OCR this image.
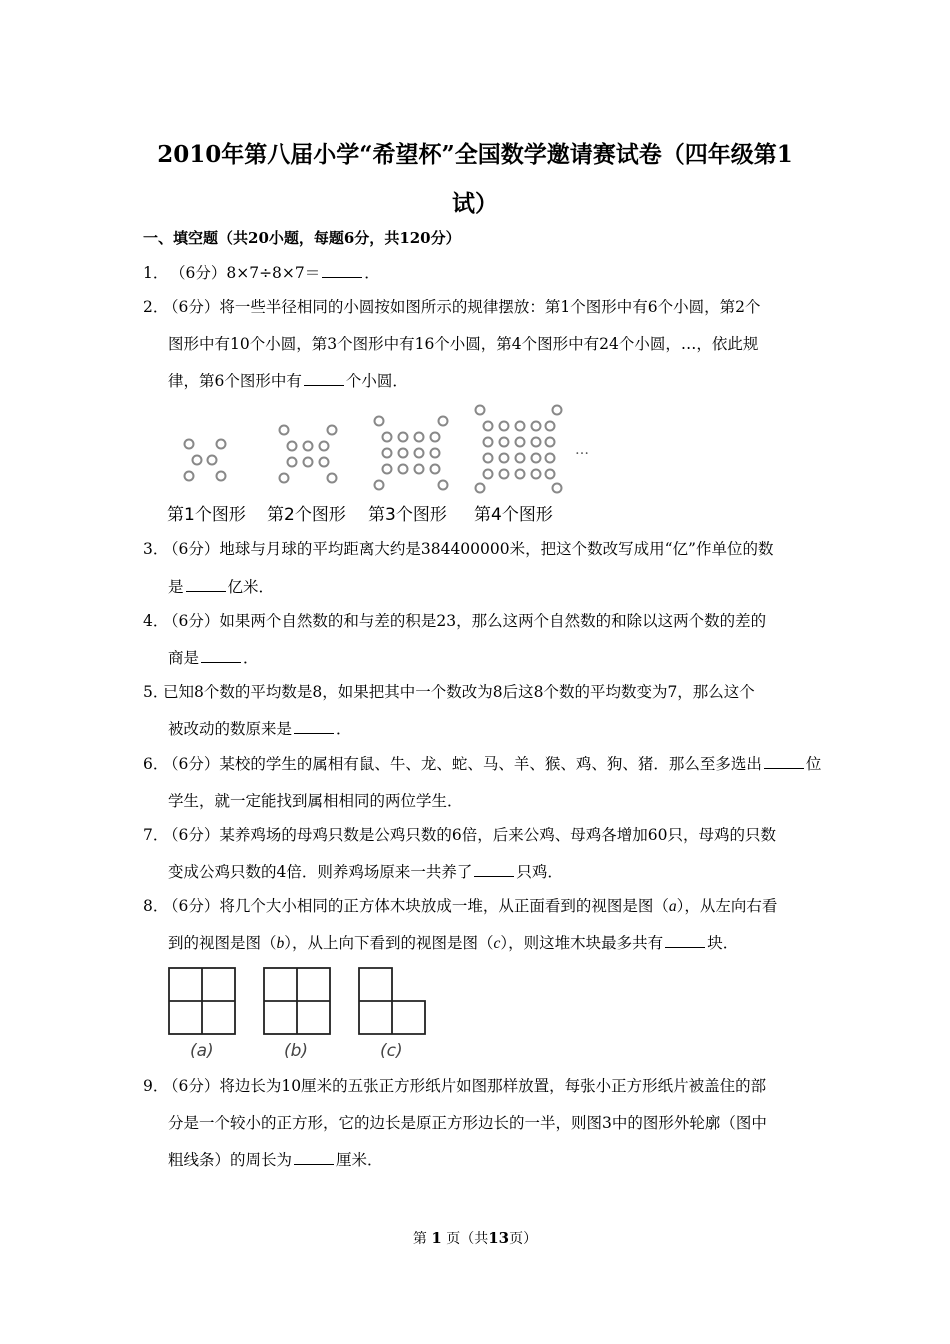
2010年第八届小学“希望杯”全国数学邀请赛试卷（四年级第1
试）
一、填空题（共20小题，每题6分，共120分）
1． （6分）8×7÷8×7＝	．
2．
（6分）将一些半径相同的小圆按如图所示的规律摆放：第1个图形中有6个小圆，第2个
图形中有10个小圆，第3个图形中有16个小圆，第4个图形中有24个小圆，…，依此规
律，第6个图形中有	个小圆．
…
第1个图形 第2个图形 第3个图形 第4个图形
3．
（6分）地球与月球的平均距离大约是384400000米，把这个数改写成用“亿”作单位的数
是	亿米．
4．
（6分）如果两个自然数的和与差的积是23，那么这两个自然数的和除以这两个数的差的
商是	．
5．
已知8个数的平均数是8，如果把其中一个数改为8后这8个数的平均数变为7，那么这个
被改动的数原来是	．
6．
（6分）某校的学生的属相有鼠、牛、龙、蛇、马、羊、猴、鸡、狗、猪．那么至多选出	位
学生，就一定能找到属相相同的两位学生．
7．
（6分）某养鸡场的母鸡只数是公鸡只数的6倍，后来公鸡、母鸡各增加60只，母鸡的只数
变成公鸡只数的4倍．则养鸡场原来一共养了	只鸡．
8．
（6分）将几个大小相同的正方体木块放成一堆，从正面看到的视图是图（a），从左向右看
到的视图是图（b），从上向下看到的视图是图（c），则这堆木块最多共有	块．
(a)	(b)	(c)
9．
（6分）将边长为10厘米的五张正方形纸片如图那样放置，每张小正方形纸片被盖住的部
分是一个较小的正方形，它的边长是原正方形边长的一半，则图3中的图形外轮廓（图中
粗线条）的周长为	厘米．
第 1 页（共13页）
